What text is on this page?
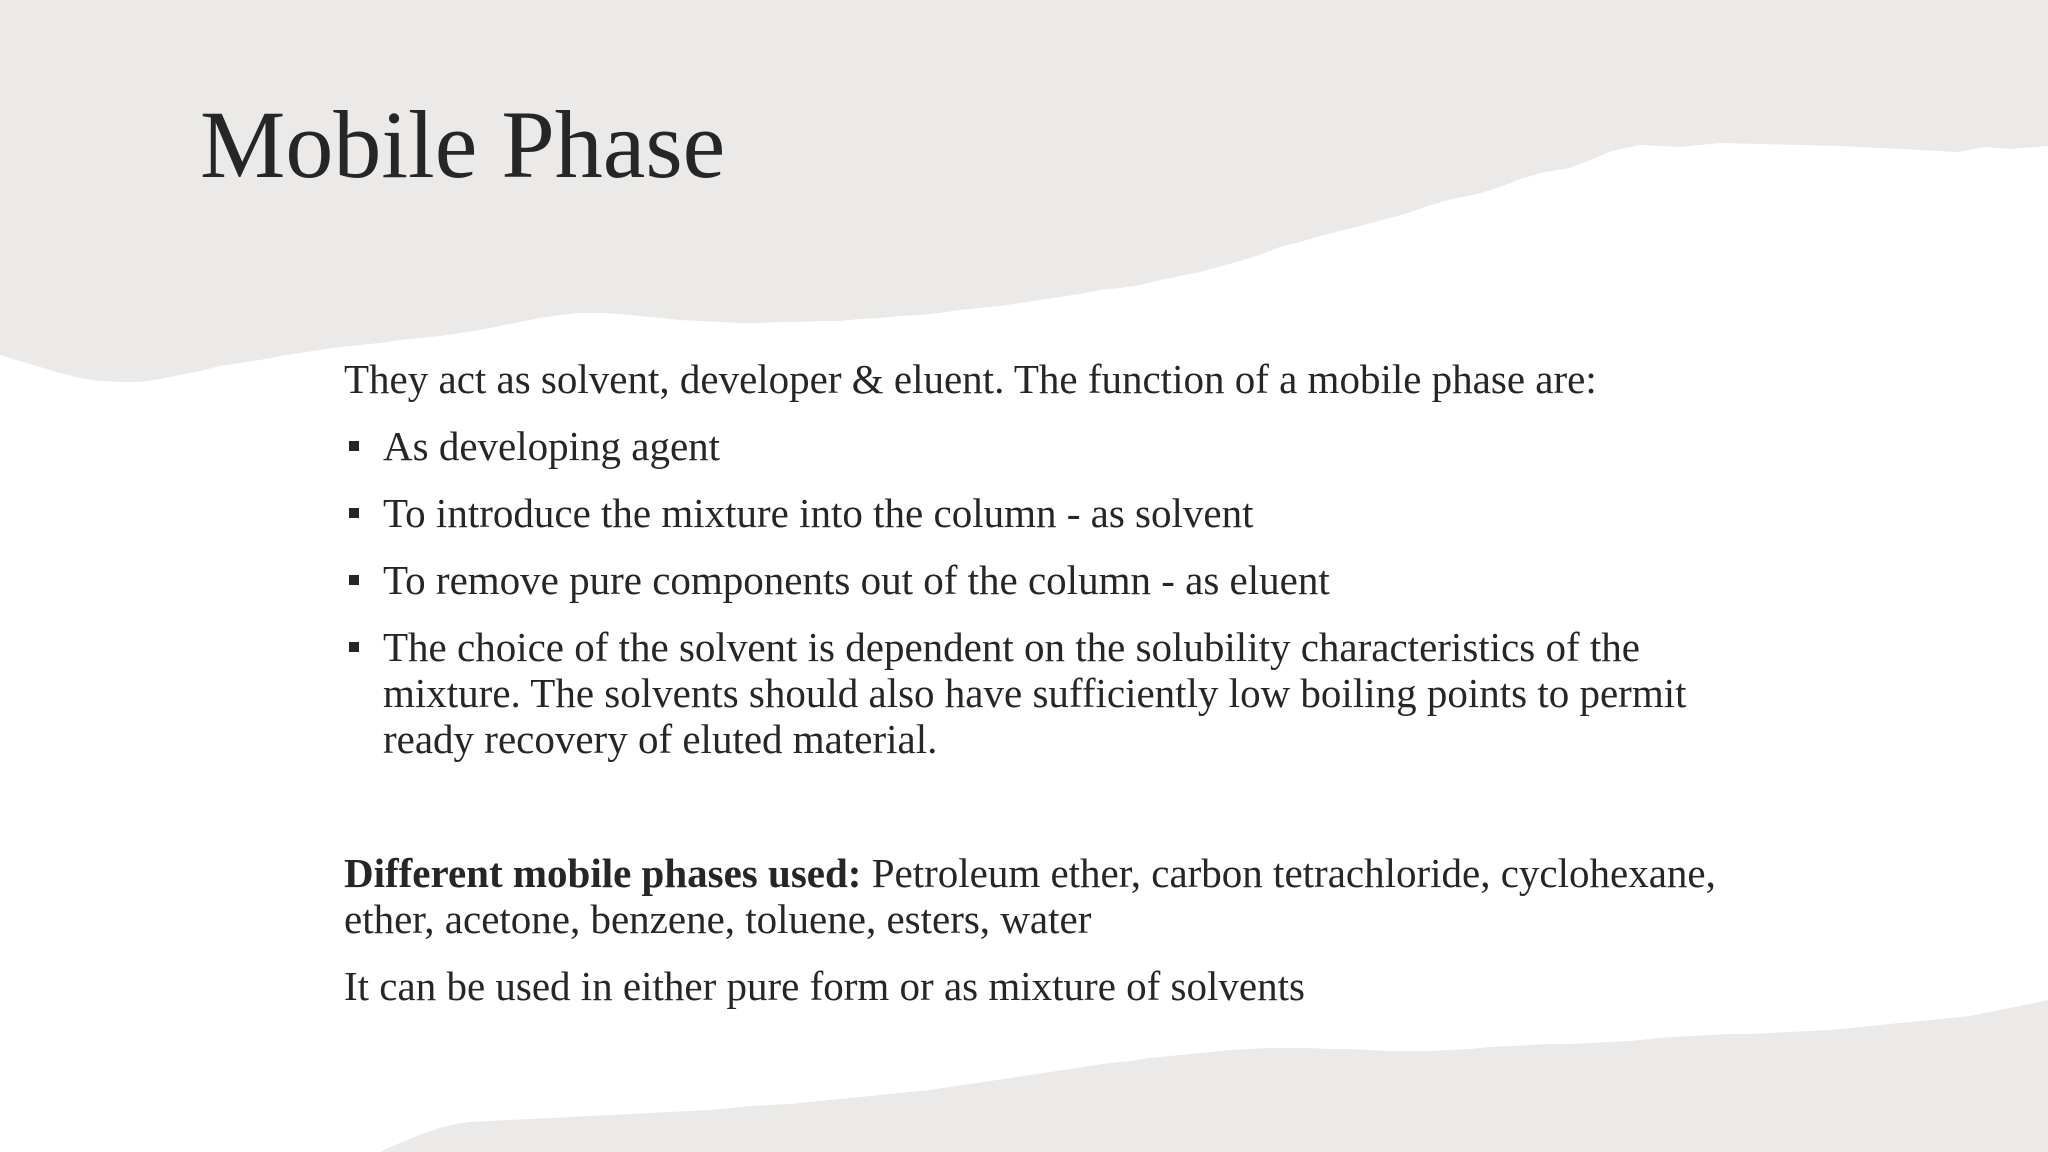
Mobile Phase

They act as solvent, developer & eluent. The function of a mobile phase are:

As developing agent
To introduce the mixture into the column - as solvent
To remove pure components out of the column - as eluent
The choice of the solvent is dependent on the solubility characteristics of the mixture. The solvents should also have sufficiently low boiling points to permit ready recovery of eluted material.

Different mobile phases used: Petroleum ether, carbon tetrachloride, cyclohexane, ether, acetone, benzene, toluene, esters, water

It can be used in either pure form or as mixture of solvents
